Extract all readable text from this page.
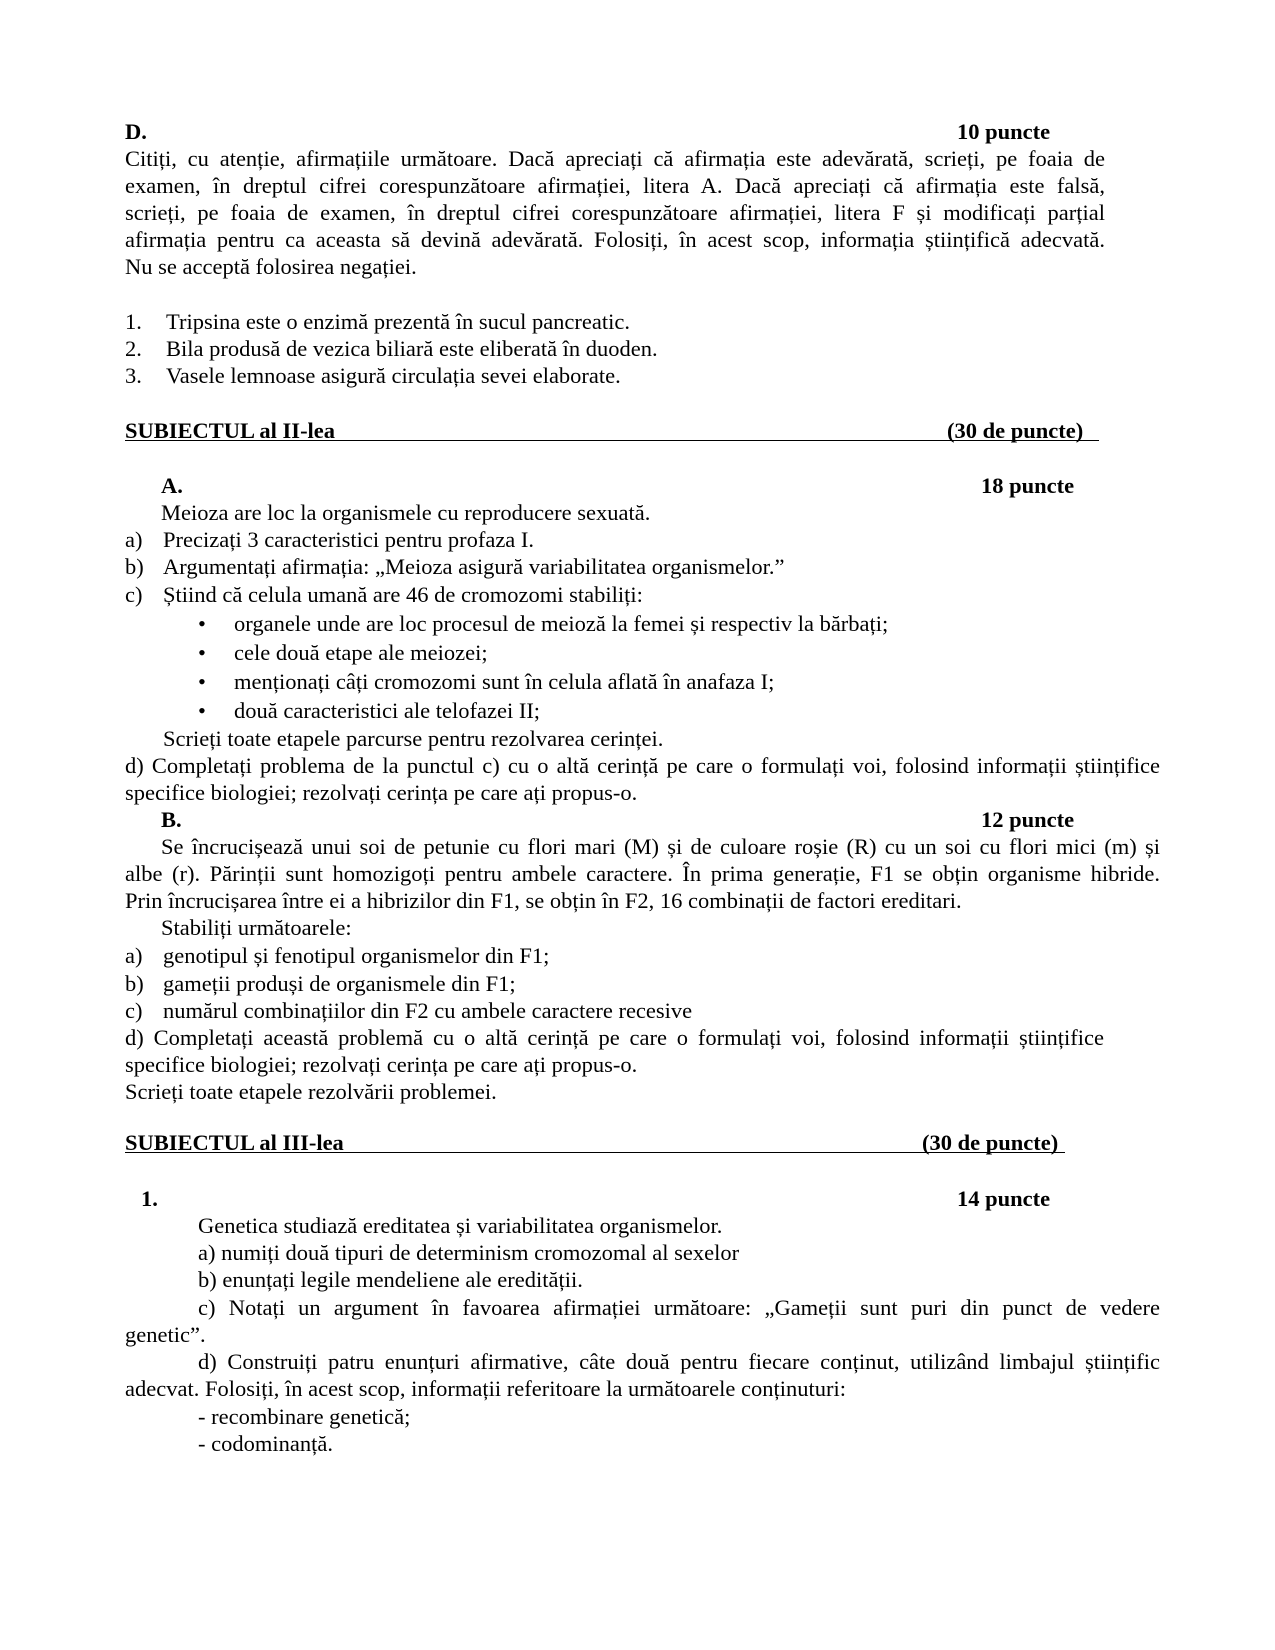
D.	10 puncte
Citiți, cu atenție, afirmațiile următoare. Dacă apreciați că afirmația este adevărată, scrieți, pe foaia de
examen, în dreptul cifrei corespunzătoare afirmației, litera A. Dacă apreciați că afirmația este falsă,
scrieți, pe foaia de examen, în dreptul cifrei corespunzătoare afirmației, litera F și modificați parțial
afirmația pentru ca aceasta să devină adevărată. Folosiți, în acest scop, informația științifică adecvată.
Nu se acceptă folosirea negației.
1. Tripsina este o enzimă prezentă în sucul pancreatic.
2. Bila produsă de vezica biliară este eliberată în duoden.
3. Vasele lemnoase asigură circulația sevei elaborate.
SUBIECTUL al II-lea	(30 de puncte)
A.	18 puncte
Meioza are loc la organismele cu reproducere sexuată.
a) Precizați 3 caracteristici pentru profaza I.
b) Argumentați afirmația: „Meioza asigură variabilitatea organismelor.”
c) Știind că celula umană are 46 de cromozomi stabiliți:
• organele unde are loc procesul de meioză la femei și respectiv la bărbați;
• cele două etape ale meiozei;
• menționați câți cromozomi sunt în celula aflată în anafaza I;
• două caracteristici ale telofazei II;
Scrieți toate etapele parcurse pentru rezolvarea cerinței.
d) Completați problema de la punctul c) cu o altă cerință pe care o formulați voi, folosind informații științifice
specifice biologiei; rezolvați cerința pe care ați propus-o.
B.	12 puncte
Se încrucișează unui soi de petunie cu flori mari (M) și de culoare roșie (R) cu un soi cu flori mici (m) și
albe (r). Părinții sunt homozigoți pentru ambele caractere. În prima generație, F1 se obțin organisme hibride.
Prin încrucișarea între ei a hibrizilor din F1, se obțin în F2, 16 combinații de factori ereditari.
Stabiliți următoarele:
a) genotipul și fenotipul organismelor din F1;
b) gameții produși de organismele din F1;
c) numărul combinațiilor din F2 cu ambele caractere recesive
d) Completați această problemă cu o altă cerință pe care o formulați voi, folosind informații științifice
specifice biologiei; rezolvați cerința pe care ați propus-o.
Scrieți toate etapele rezolvării problemei.
SUBIECTUL al III-lea	(30 de puncte)
1.	14 puncte
Genetica studiază ereditatea și variabilitatea organismelor.
a) numiți două tipuri de determinism cromozomal al sexelor
b) enunțați legile mendeliene ale eredității.
c) Notați un argument în favoarea afirmației următoare: „Gameții sunt puri din punct de vedere
genetic”.
d) Construiți patru enunțuri afirmative, câte două pentru fiecare conținut, utilizând limbajul științific
adecvat. Folosiți, în acest scop, informații referitoare la următoarele conținuturi:
- recombinare genetică;
- codominanță.
